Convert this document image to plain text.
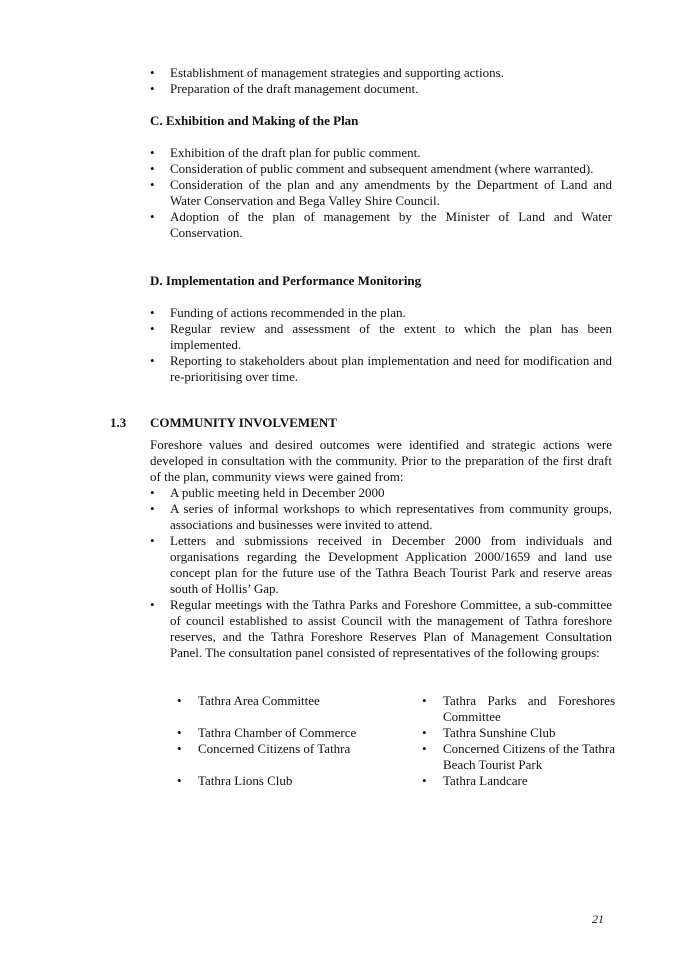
•	Establishment of management strategies and supporting actions.
•	Preparation of the draft management document.
C. Exhibition and Making of the Plan
•	Exhibition of the draft plan for public comment.
•	Consideration of public comment and subsequent amendment (where warranted).
•	Consideration of the plan and any amendments by the Department of Land and Water Conservation and Bega Valley Shire Council.
•	Adoption of the plan of management by the Minister of Land and Water Conservation.
D. Implementation and Performance Monitoring
•	Funding of actions recommended in the plan.
•	Regular review and assessment of the extent to which the plan has been implemented.
•	Reporting to stakeholders about plan implementation and need for modification and re-prioritising over time.
1.3 COMMUNITY INVOLVEMENT
Foreshore values and desired outcomes were identified and strategic actions were developed in consultation with the community. Prior to the preparation of the first draft of the plan, community views were gained from:
•	A public meeting held in December 2000
•	A series of informal workshops to which representatives from community groups, associations and businesses were invited to attend.
•	Letters and submissions received in December 2000 from individuals and organisations regarding the Development Application 2000/1659 and land use concept plan for the future use of the Tathra Beach Tourist Park and reserve areas south of Hollis’ Gap.
•	Regular meetings with the Tathra Parks and Foreshore Committee, a sub-committee of council established to assist Council with the management of Tathra foreshore reserves, and the Tathra Foreshore Reserves Plan of Management Consultation Panel. The consultation panel consisted of representatives of the following groups:
• Tathra Area Committee	• Tathra Parks and Foreshores Committee
• Tathra Chamber of Commerce	• Tathra Sunshine Club
• Concerned Citizens of Tathra	• Concerned Citizens of the Tathra Beach Tourist Park
• Tathra Lions Club	• Tathra Landcare
21
